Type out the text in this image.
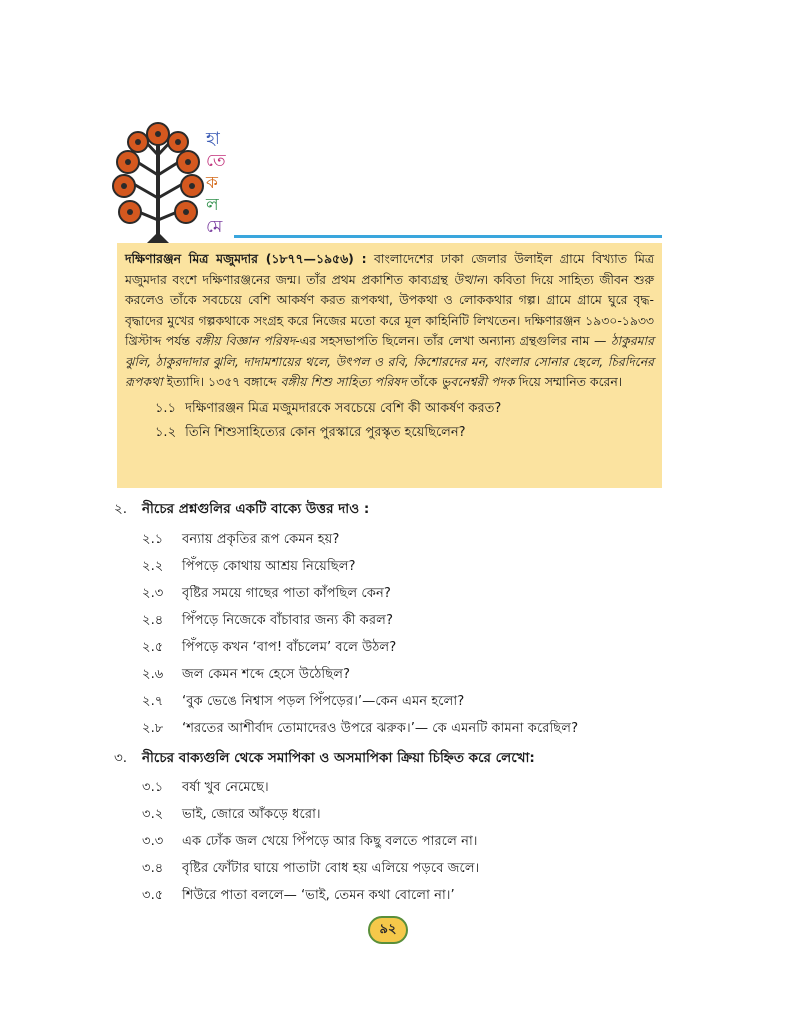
হা
তে
ক
ল
মে

দক্ষিণারঞ্জন মিত্র মজুমদার (১৮৭৭—১৯৫৬) : বাংলাদেশের ঢাকা জেলার উলাইল গ্রামে বিখ্যাত মিত্র মজুমদার বংশে দক্ষিণারঞ্জনের জন্ম। তাঁর প্রথম প্রকাশিত কাব্যগ্রন্থ উত্থান। কবিতা দিয়ে সাহিত্য জীবন শুরু করলেও তাঁকে সবচেয়ে বেশি আকর্ষণ করত রূপকথা, উপকথা ও লোককথার গল্প। গ্রামে গ্রামে ঘুরে বৃদ্ধ-বৃদ্ধাদের মুখের গল্পকথাকে সংগ্রহ করে নিজের মতো করে মূল কাহিনিটি লিখতেন। দক্ষিণারঞ্জন ১৯৩০-১৯৩৩ খ্রিস্টাব্দ পর্যন্ত বঙ্গীয় বিজ্ঞান পরিষদ-এর সহসভাপতি ছিলেন। তাঁর লেখা অন্যান্য গ্রন্থগুলির নাম — ঠাকুরমার ঝুলি, ঠাকুরদাদার ঝুলি, দাদামশায়ের থলে, উৎপল ও রবি, কিশোরদের মন, বাংলার সোনার ছেলে, চিরদিনের রূপকথা ইত্যাদি। ১৩৫৭ বঙ্গাব্দে বঙ্গীয় শিশু সাহিত্য পরিষদ তাঁকে ভুবনেশ্বরী পদক দিয়ে সম্মানিত করেন।

১.১ দক্ষিণারঞ্জন মিত্র মজুমদারকে সবচেয়ে বেশি কী আকর্ষণ করত?
১.২ তিনি শিশুসাহিত্যের কোন পুরস্কারে পুরস্কৃত হয়েছিলেন?
২. নীচের প্রশ্নগুলির একটি বাক্যে উত্তর দাও :
২.১ বন্যায় প্রকৃতির রূপ কেমন হয়?
২.২ পিঁপড়ে কোথায় আশ্রয় নিয়েছিল?
২.৩ বৃষ্টির সময়ে গাছের পাতা কাঁপছিল কেন?
২.৪ পিঁপড়ে নিজেকে বাঁচাবার জন্য কী করল?
২.৫ পিঁপড়ে কখন ‘বাপ! বাঁচলেম’ বলে উঠল?
২.৬ জল কেমন শব্দে হেসে উঠেছিল?
২.৭ ‘বুক ভেঙে নিশ্বাস পড়ল পিঁপড়ের।’—কেন এমন হলো?
২.৮ ‘শরতের আশীর্বাদ তোমাদেরও উপরে ঝরুক।’— কে এমনটি কামনা করেছিল?
৩. নীচের বাক্যগুলি থেকে সমাপিকা ও অসমাপিকা ক্রিয়া চিহ্নিত করে লেখো:
৩.১ বর্ষা খুব নেমেছে।
৩.২ ভাই, জোরে আঁকড়ে ধরো।
৩.৩ এক ঢোঁক জল খেয়ে পিঁপড়ে আর কিছু বলতে পারলে না।
৩.৪ বৃষ্টির ফোঁটার ঘায়ে পাতাটা বোধ হয় এলিয়ে পড়বে জলে।
৩.৫ শিউরে পাতা বললে— ‘ভাই, তেমন কথা বোলো না।’
৯২
